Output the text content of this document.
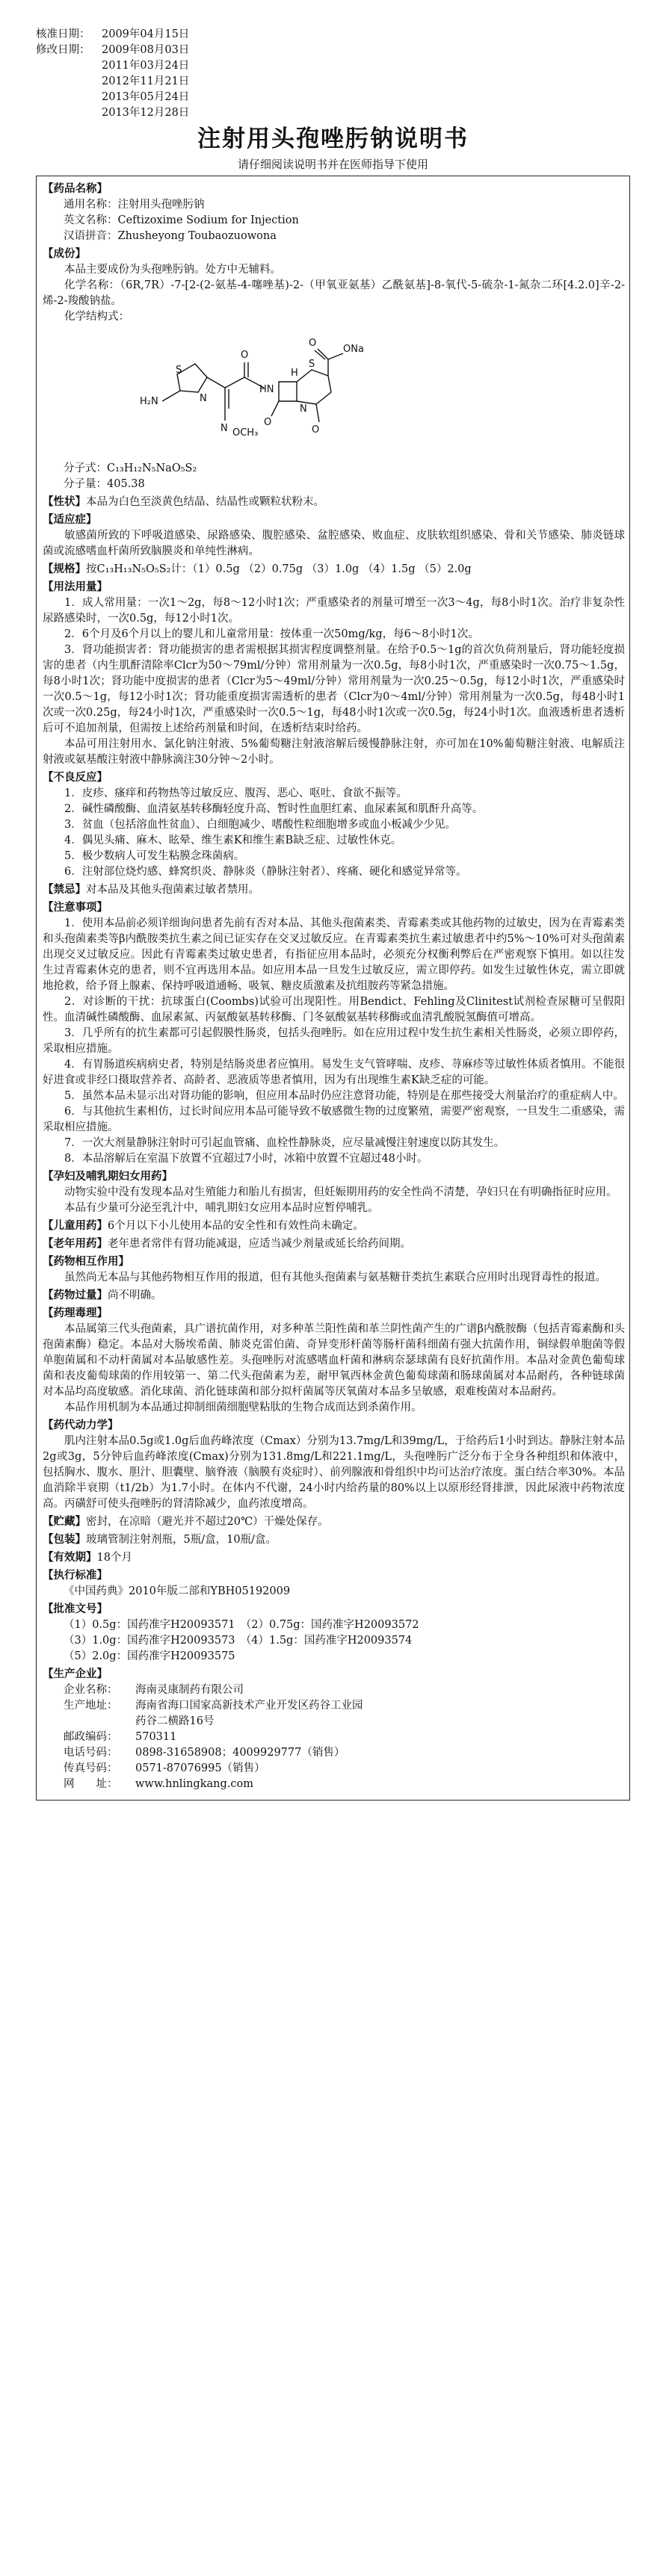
核准日期：	2009年04月15日
修改日期：	2009年08月03日
2011年03月24日
2012年11月21日
2013年05月24日
2013年12月28日
注射用头孢唑肟钠说明书
请仔细阅读说明书并在医师指导下使用
【药品名称】
通用名称：注射用头孢唑肟钠
英文名称：Ceftizoxime Sodium for Injection
汉语拼音：Zhusheyong Toubaozuowona
【成份】
本品主要成份为头孢唑肟钠。处方中无辅料。
化学名称：（6R,7R）-7-[2-(2-氨基-4-噻唑基)-2-（甲氧亚氨基）乙酰氨基]-8-氧代-5-硫杂-1-氮杂二环[4.2.0]辛-2-烯-2-羧酸钠盐。
化学结构式：
H₂N
S
N
N OCH₃
O
HN
H
S
O
O
N
ONa
O
分子式：C₁₃H₁₂N₅NaO₅S₂
分子量：405.38
【性状】本品为白色至淡黄色结晶、结晶性或颗粒状粉末。
【适应症】
敏感菌所致的下呼吸道感染、尿路感染、腹腔感染、盆腔感染、败血症、皮肤软组织感染、骨和关节感染、肺炎链球菌或流感嗜血杆菌所致脑膜炎和单纯性淋病。
【规格】按C₁₃H₁₃N₅O₅S₂计：（1）0.5g （2）0.75g （3）1.0g （4）1.5g （5）2.0g
【用法用量】
1．成人常用量：一次1～2g，每8～12小时1次；严重感染者的剂量可增至一次3～4g，每8小时1次。治疗非复杂性尿路感染时，一次0.5g，每12小时1次。
2．6个月及6个月以上的婴儿和儿童常用量：按体重一次50mg/kg，每6～8小时1次。
3．肾功能损害者：肾功能损害的患者需根据其损害程度调整剂量。在给予0.5～1g的首次负荷剂量后，肾功能轻度损害的患者（内生肌酐清除率Clcr为50～79ml/分钟）常用剂量为一次0.5g，每8小时1次，严重感染时一次0.75～1.5g，每8小时1次；肾功能中度损害的患者（Clcr为5～49ml/分钟）常用剂量为一次0.25～0.5g，每12小时1次，严重感染时一次0.5～1g，每12小时1次；肾功能重度损害需透析的患者（Clcr为0～4ml/分钟）常用剂量为一次0.5g，每48小时1次或一次0.25g，每24小时1次，严重感染时一次0.5～1g，每48小时1次或一次0.5g，每24小时1次。血液透析患者透析后可不追加剂量，但需按上述给药剂量和时间，在透析结束时给药。
本品可用注射用水、氯化钠注射液、5%葡萄糖注射液溶解后缓慢静脉注射，亦可加在10%葡萄糖注射液、电解质注射液或氨基酸注射液中静脉滴注30分钟～2小时。
【不良反应】
1．皮疹、瘙痒和药物热等过敏反应、腹泻、恶心、呕吐、食欲不振等。
2．碱性磷酸酶、血清氨基转移酶轻度升高、暂时性血胆红素、血尿素氮和肌酐升高等。
3．贫血（包括溶血性贫血）、白细胞减少、嗜酸性粒细胞增多或血小板减少少见。
4．偶见头痛、麻木、眩晕、维生素K和维生素B缺乏症、过敏性休克。
5．极少数病人可发生粘膜念珠菌病。
6．注射部位烧灼感、蜂窝织炎、静脉炎（静脉注射者）、疼痛、硬化和感觉异常等。
【禁忌】对本品及其他头孢菌素过敏者禁用。
【注意事项】
1．使用本品前必须详细询问患者先前有否对本品、其他头孢菌素类、青霉素类或其他药物的过敏史，因为在青霉素类和头孢菌素类等β内酰胺类抗生素之间已证实存在交叉过敏反应。在青霉素类抗生素过敏患者中约5%～10%可对头孢菌素出现交叉过敏反应。因此有青霉素类过敏史患者，有指征应用本品时，必须充分权衡利弊后在严密观察下慎用。如以往发生过青霉素休克的患者，则不宜再选用本品。如应用本品一旦发生过敏反应，需立即停药。如发生过敏性休克，需立即就地抢救，给予肾上腺素、保持呼吸道通畅、吸氧、糖皮质激素及抗组胺药等紧急措施。
2．对诊断的干扰：抗球蛋白(Coombs)试验可出现阳性。用Bendict、Fehling及Clinitest试剂检查尿糖可呈假阳性。血清碱性磷酸酶、血尿素氮、丙氨酸氨基转移酶、门冬氨酸氨基转移酶或血清乳酸脱氢酶值可增高。
3．几乎所有的抗生素都可引起假膜性肠炎，包括头孢唑肟。如在应用过程中发生抗生素相关性肠炎，必须立即停药，采取相应措施。
4．有胃肠道疾病病史者，特别是结肠炎患者应慎用。易发生支气管哮喘、皮疹、荨麻疹等过敏性体质者慎用。不能很好进食或非经口摄取营养者、高龄者、恶液质等患者慎用，因为有出现维生素K缺乏症的可能。
5．虽然本品未显示出对肾功能的影响，但应用本品时仍应注意肾功能，特别是在那些接受大剂量治疗的重症病人中。
6．与其他抗生素相仿，过长时间应用本品可能导致不敏感微生物的过度繁殖，需要严密观察，一旦发生二重感染，需采取相应措施。
7．一次大剂量静脉注射时可引起血管痛、血栓性静脉炎，应尽量减慢注射速度以防其发生。
8．本品溶解后在室温下放置不宜超过7小时，冰箱中放置不宜超过48小时。
【孕妇及哺乳期妇女用药】
动物实验中没有发现本品对生殖能力和胎儿有损害，但妊娠期用药的安全性尚不清楚，孕妇只在有明确指征时应用。
本品有少量可分泌至乳汁中，哺乳期妇女应用本品时应暂停哺乳。
【儿童用药】6个月以下小儿使用本品的安全性和有效性尚未确定。
【老年用药】老年患者常伴有肾功能减退，应适当减少剂量或延长给药间期。
【药物相互作用】
虽然尚无本品与其他药物相互作用的报道，但有其他头孢菌素与氨基糖苷类抗生素联合应用时出现肾毒性的报道。
【药物过量】尚不明确。
【药理毒理】
本品属第三代头孢菌素，具广谱抗菌作用，对多种革兰阳性菌和革兰阴性菌产生的广谱β内酰胺酶（包括青霉素酶和头孢菌素酶）稳定。本品对大肠埃希菌、肺炎克雷伯菌、奇异变形杆菌等肠杆菌科细菌有强大抗菌作用，铜绿假单胞菌等假单胞菌属和不动杆菌属对本品敏感性差。头孢唑肟对流感嗜血杆菌和淋病奈瑟球菌有良好抗菌作用。本品对金黄色葡萄球菌和表皮葡萄球菌的作用较第一、第二代头孢菌素为差，耐甲氧西林金黄色葡萄球菌和肠球菌属对本品耐药，各种链球菌对本品均高度敏感。消化球菌、消化链球菌和部分拟杆菌属等厌氧菌对本品多呈敏感，艰难梭菌对本品耐药。
本品作用机制为本品通过抑制细菌细胞壁粘肽的生物合成而达到杀菌作用。
【药代动力学】
肌内注射本品0.5g或1.0g后血药峰浓度（Cmax）分别为13.7mg/L和39mg/L，于给药后1小时到达。静脉注射本品2g或3g，5分钟后血药峰浓度(Cmax)分别为131.8mg/L和221.1mg/L，头孢唑肟广泛分布于全身各种组织和体液中，包括胸水、腹水、胆汁、胆囊壁、脑脊液（脑膜有炎症时）、前列腺液和骨组织中均可达治疗浓度。蛋白结合率30%。本品血消除半衰期（t1/2b）为1.7小时。在体内不代谢，24小时内给药量的80%以上以原形经肾排泄，因此尿液中药物浓度高。丙磺舒可使头孢唑肟的肾清除减少，血药浓度增高。
【贮藏】密封，在凉暗（避光并不超过20℃）干燥处保存。
【包装】玻璃管制注射剂瓶，5瓶/盒，10瓶/盒。
【有效期】18个月
【执行标准】
《中国药典》2010年版二部和YBH05192009
【批准文号】
（1）0.5g：国药准字H20093571　 （2）0.75g：国药准字H20093572
（3）1.0g：国药准字H20093573　 （4）1.5g：国药准字H20093574
（5）2.0g：国药准字H20093575
【生产企业】
企业名称：	海南灵康制药有限公司
生产地址：	海南省海口国家高新技术产业开发区药谷工业园
药谷二横路16号
邮政编码：	570311
电话号码：	0898-31658908；4009929777（销售）
传真号码：	0571-87076995（销售）
网　　址：	www.hnlingkang.com
